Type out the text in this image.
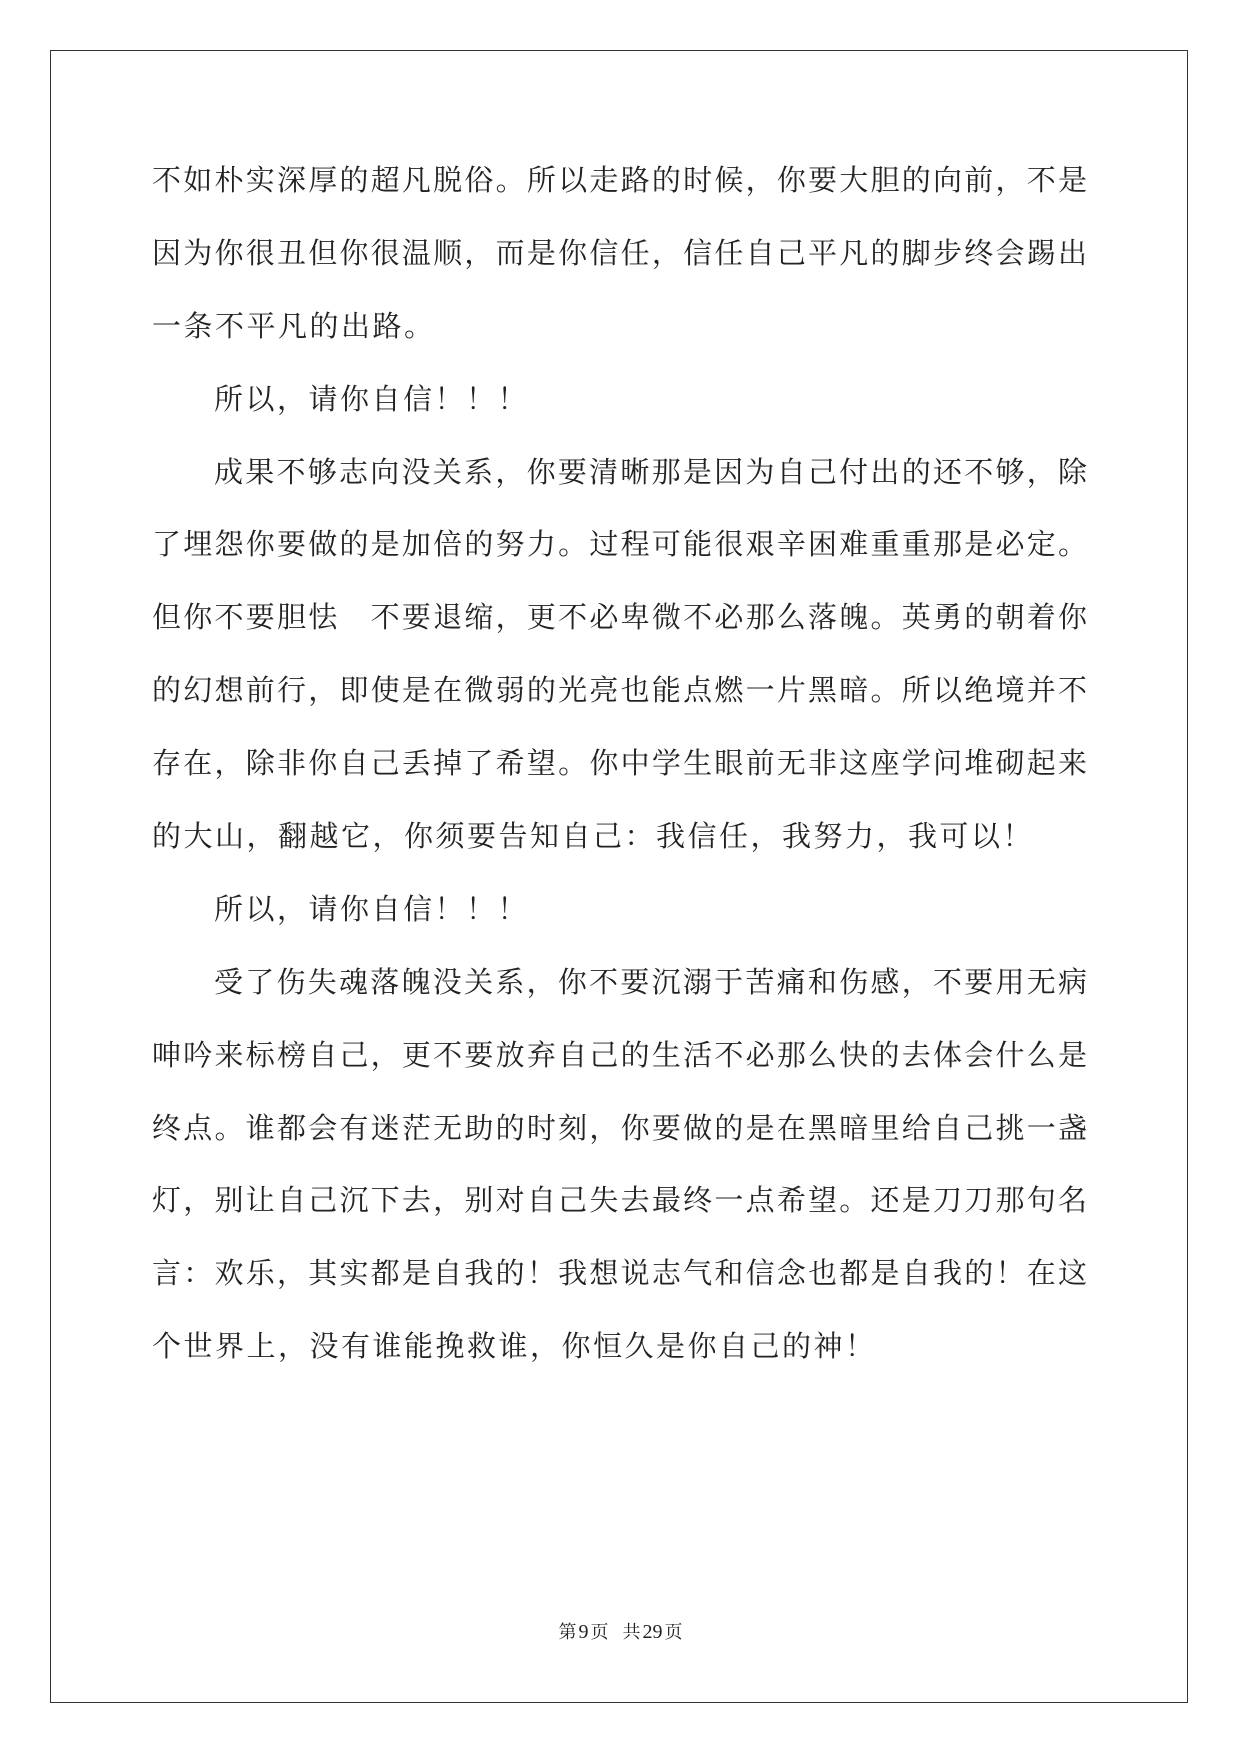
不如朴实深厚的超凡脱俗。所以走路的时候，你要大胆的向前，不是
因为你很丑但你很温顺，而是你信任，信任自己平凡的脚步终会踢出
一条不平凡的出路。
所以，请你自信！！！
成果不够志向没关系，你要清晰那是因为自己付出的还不够，除
了埋怨你要做的是加倍的努力。过程可能很艰辛困难重重那是必定。
但你不要胆怯　不要退缩，更不必卑微不必那么落魄。英勇的朝着你
的幻想前行，即使是在微弱的光亮也能点燃一片黑暗。所以绝境并不
存在，除非你自己丢掉了希望。你中学生眼前无非这座学问堆砌起来
的大山，翻越它，你须要告知自己：我信任，我努力，我可以！
所以，请你自信！！！
受了伤失魂落魄没关系，你不要沉溺于苦痛和伤感，不要用无病
呻吟来标榜自己，更不要放弃自己的生活不必那么快的去体会什么是
终点。谁都会有迷茫无助的时刻，你要做的是在黑暗里给自己挑一盏
灯，别让自己沉下去，别对自己失去最终一点希望。还是刀刀那句名
言：欢乐，其实都是自我的！我想说志气和信念也都是自我的！在这
个世界上，没有谁能挽救谁，你恒久是你自己的神！
第 9 页 共 29 页
